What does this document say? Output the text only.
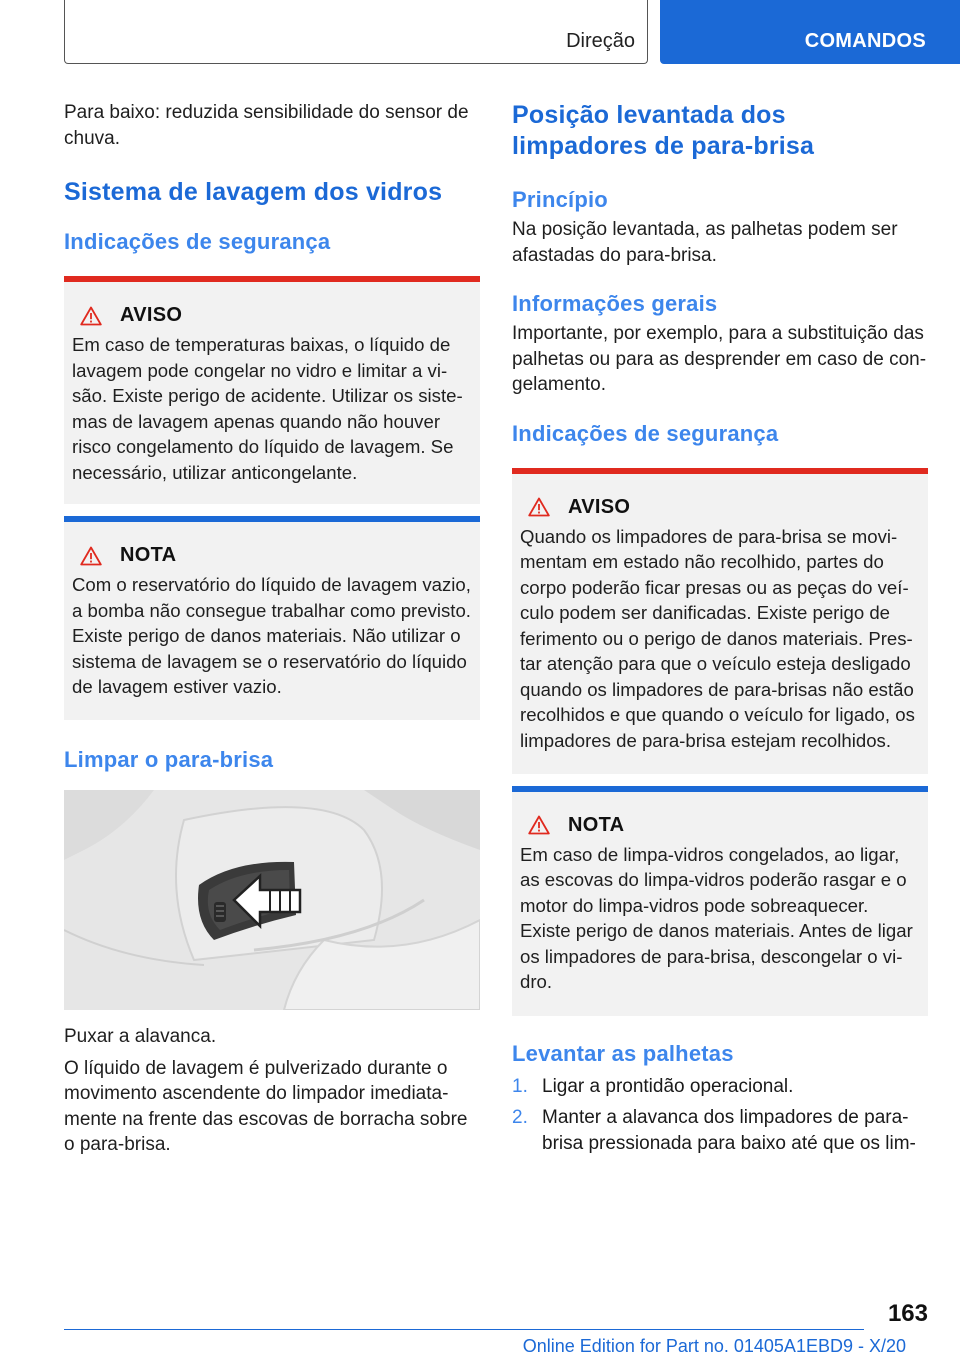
Direção	COMANDOS

Para baixo: reduzida sensibilidade do sensor de chuva.

Sistema de lavagem dos vidros
Indicações de segurança
AVISO

Em caso de temperaturas baixas, o líquido de lavagem pode congelar no vidro e limitar a visão. Existe perigo de acidente. Utilizar os sistemas de lavagem apenas quando não houver risco congelamento do líquido de lavagem. Se necessário, utilizar anticongelante.

NOTA

Com o reservatório do líquido de lavagem vazio, a bomba não consegue trabalhar como previsto. Existe perigo de danos materiais. Não utilizar o sistema de lavagem se o reservatório do líquido de lavagem estiver vazio.

Limpar o para-brisa

Puxar a alavanca.

O líquido de lavagem é pulverizado durante o movimento ascendente do limpador imediatamente na frente das escovas de borracha sobre o para-brisa.

Posição levantada dos limpadores de para-brisa
Princípio

Na posição levantada, as palhetas podem ser afastadas do para-brisa.

Informações gerais

Importante, por exemplo, para a substituição das palhetas ou para as desprender em caso de congelamento.

Indicações de segurança
AVISO

Quando os limpadores de para-brisa se movimentam em estado não recolhido, partes do corpo poderão ficar presas ou as peças do veículo podem ser danificadas. Existe perigo de ferimento ou o perigo de danos materiais. Prestar atenção para que o veículo esteja desligado quando os limpadores de para-brisas não estão recolhidos e que quando o veículo for ligado, os limpadores de para-brisa estejam recolhidos.

NOTA

Em caso de limpa-vidros congelados, ao ligar, as escovas do limpa-vidros poderão rasgar e o motor do limpa-vidros pode sobreaquecer. Existe perigo de danos materiais. Antes de ligar os limpadores de para-brisa, descongelar o vidro.

Levantar as palhetas
1. Ligar a prontidão operacional.
2. Manter a alavanca dos limpadores de para-brisa pressionada para baixo até que os lim-
163
Online Edition for Part no. 01405A1EBD9 - X/20
